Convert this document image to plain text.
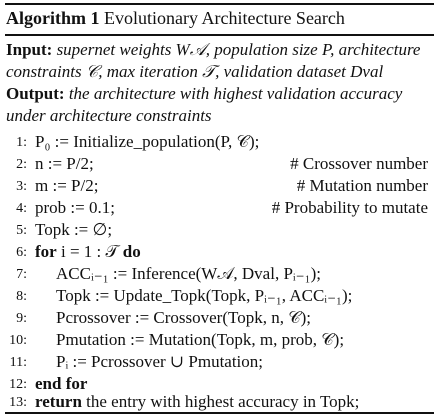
Algorithm 1 Evolutionary Architecture Search
Input: supernet weights W𝒜, population size P, architecture constraints 𝒞, max iteration 𝒯, validation dataset Dval
Output: the architecture with highest validation accuracy under architecture constraints
1: P₀ := Initialize_population(P, 𝒞);
2: n := P/2;	# Crossover number
3: m := P/2;	# Mutation number
4: prob := 0.1;	# Probability to mutate
5: Topk := ∅;
6: for i = 1 : 𝒯 do
7: ACCᵢ₋₁ := Inference(W𝒜, Dval, Pᵢ₋₁);
8: Topk := Update_Topk(Topk, Pᵢ₋₁, ACCᵢ₋₁);
9: Pcrossover := Crossover(Topk, n, 𝒞);
10: Pmutation := Mutation(Topk, m, prob, 𝒞);
11: Pᵢ := Pcrossover ∪ Pmutation;
12: end for
13: return the entry with highest accuracy in Topk;
